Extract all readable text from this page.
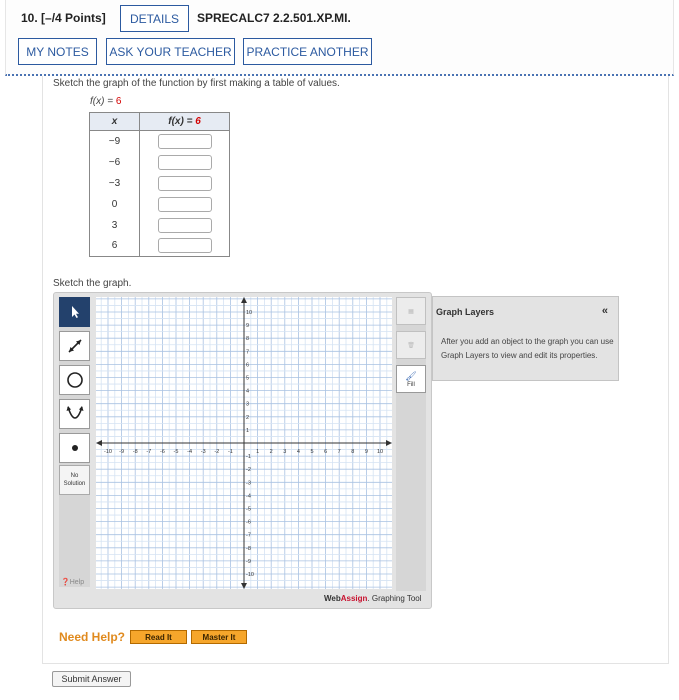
10. [–/4 Points]	DETAILS	SPRECALC7 2.2.501.XP.MI.
MY NOTES	ASK YOUR TEACHER PRACTICE ANOTHER
Sketch the graph of the function by first making a table of values.
f(x) = 6
x	f(x) = 6
−9	
−6	
−3	
0	
3	
6	
Sketch the graph.
No
Solution
❓Help
-10 -9 -8 -7 -6 -5 -4 -3 -2 -1	1 2 3 4 5 6 7 8 9 10
10
9
8
7
6
5
4
3
2
1
-1
-2
-3
-4
-5
-6
-7
-8
-9
-10
▦
🗑
🖌
Fill
WebAssign. Graphing Tool
Graph Layers	«
After you add an object to the graph you can use Graph Layers to view and edit its properties.
Need Help?	Read It	Master It
Submit Answer
